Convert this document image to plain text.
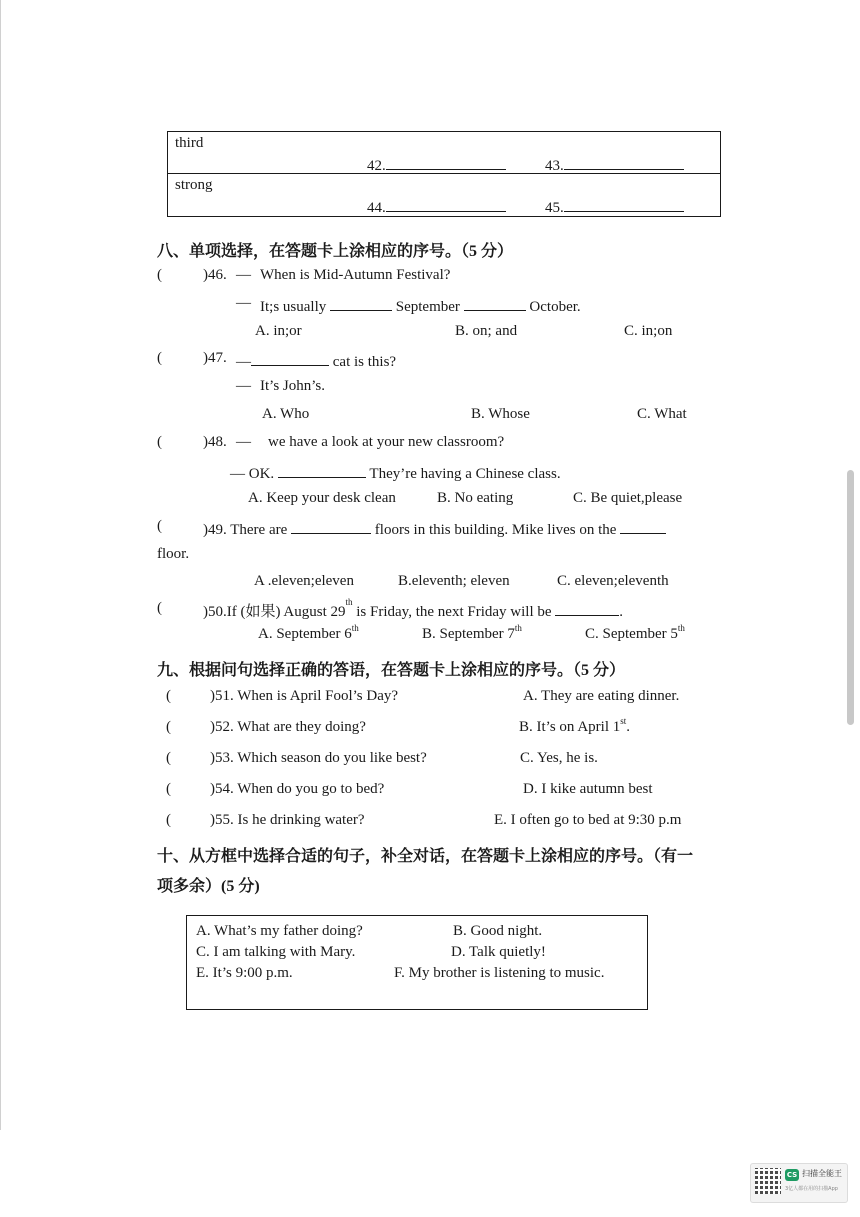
third
42.	43.
strong
44.	45.
八、单项选择，在答题卡上涂相应的序号。（5 分）
(	)46. — When is Mid-Autumn Festival?
— It;s usually	September	October.
A. in;or	B. on; and	C. in;on
(	)47. —	cat is this?
— It’s John’s.
A. Who	B. Whose	C. What
(	)48. — we have a look at your new classroom?
— OK.	They’re having a Chinese class.
A. Keep your desk clean	B. No eating	C. Be quiet,please
(	)49. There are	floors in this building. Mike lives on the
floor.
A .eleven;eleven	B.eleventh; eleven	C. eleven;eleventh
(	)50.If (如果) August 29th is Friday, the next Friday will be	.
A. September 6th	B. September 7th	C. September 5th
九、根据问句选择正确的答语，在答题卡上涂相应的序号。（5 分）
(	)51. When is April Fool’s Day?	A. They are eating dinner.
(	)52. What are they doing?	B. It’s on April 1st.
(	)53. Which season do you like best?	C. Yes, he is.
(	)54. When do you go to bed?	D. I kike autumn best
(	)55. Is he drinking water?	E. I often go to bed at 9:30 p.m
十、从方框中选择合适的句子，补全对话，在答题卡上涂相应的序号。（有一
项多余）(5 分)
A. What’s my father doing?	B. Good night.
C. I am talking with Mary.	D. Talk quietly!
E. It’s 9:00 p.m.	F. My brother is listening to music.
CS 扫描全能王
3亿人都在用的扫描App
